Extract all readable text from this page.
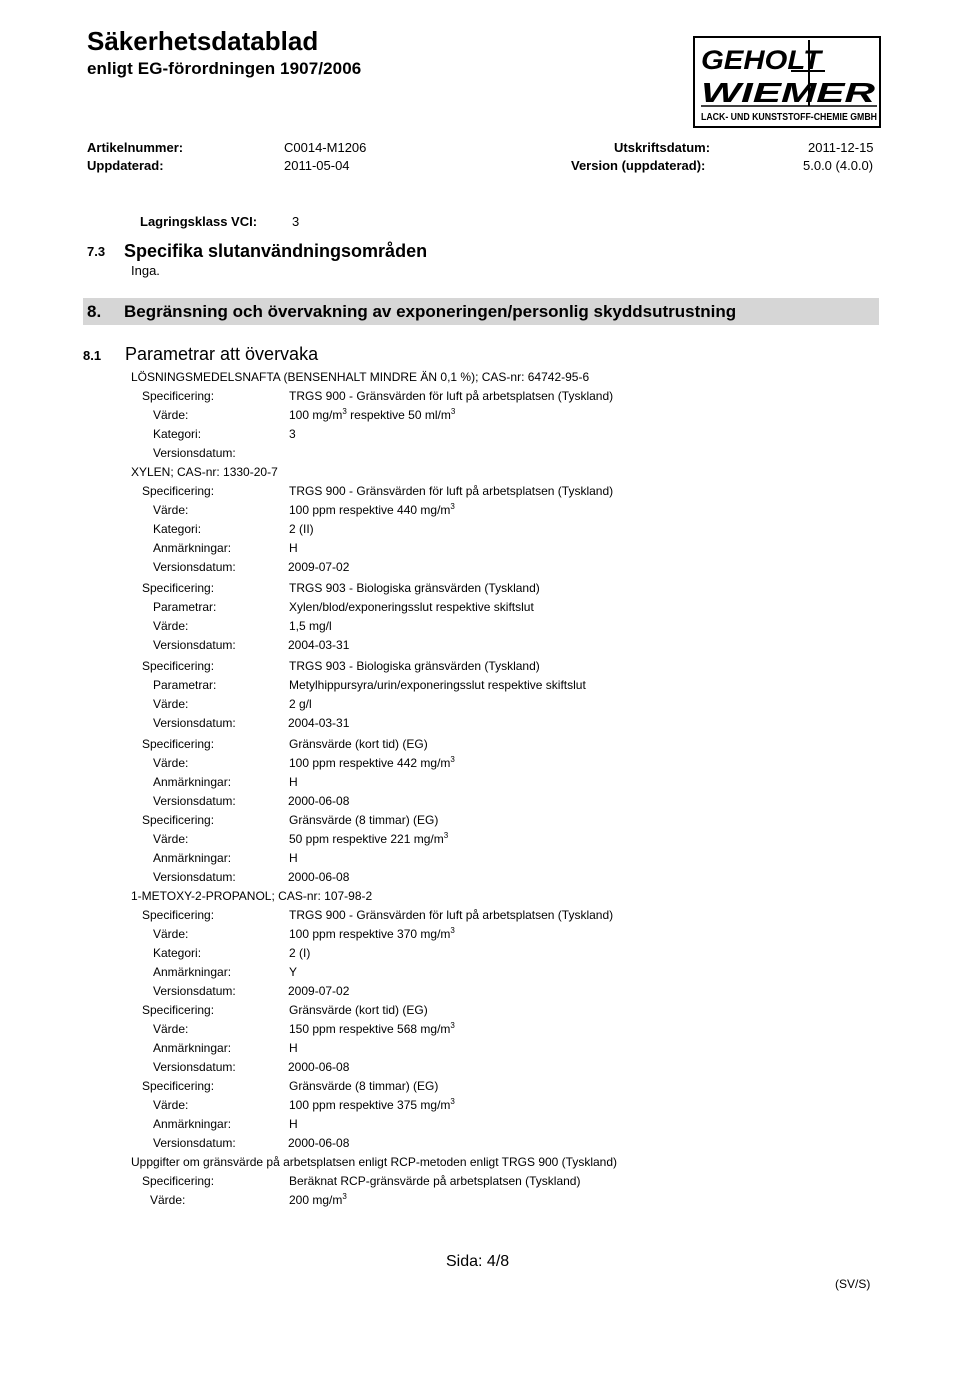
Säkerhetsdatablad
enligt EG-förordningen 1907/2006	GEHOLT
WIEMER
LACK- UND KUNSTSTOFF-CHEMIE GMBH
Artikelnummer:	C0014-M1206	Utskriftsdatum:	2011-12-15
Uppdaterad:	2011-05-04	Version (uppdaterad):	5.0.0 (4.0.0)
Lagringsklass VCI:	3
7.3 Specifika slutanvändningsområden
Inga.
8. Begränsning och övervakning av exponeringen/personlig skyddsutrustning
8.1 Parametrar att övervaka
LÖSNINGSMEDELSNAFTA (BENSENHALT MINDRE ÄN 0,1 %); CAS-nr: 64742-95-6
Specificering:	TRGS 900 - Gränsvärden för luft på arbetsplatsen (Tyskland)
Värde:	100 $mg/m^3$ respektive 50 $ml/m^3$
Kategori:	3
Versionsdatum:
XYLEN; CAS-nr: 1330-20-7
Specificering:	TRGS 900 - Gränsvärden för luft på arbetsplatsen (Tyskland)
Värde:	100 ppm respektive 440 $mg/m^3$
Kategori:	2 (II)
Anmärkningar:	H
Versionsdatum:	2009-07-02
Specificering:	TRGS 903 - Biologiska gränsvärden (Tyskland)
Parametrar:	Xylen/blod/exponeringsslut respektive skiftslut
Värde:	1,5 mg/l
Versionsdatum:	2004-03-31
Specificering:	TRGS 903 - Biologiska gränsvärden (Tyskland)
Parametrar:	Metylhippursyra/urin/exponeringsslut respektive skiftslut
Värde:	2 g/l
Versionsdatum:	2004-03-31
Specificering:	Gränsvärde (kort tid) (EG)
Värde:	100 ppm respektive 442 $mg/m^3$
Anmärkningar:	H
Versionsdatum:	2000-06-08
Specificering:	Gränsvärde (8 timmar) (EG)
Värde:	50 ppm respektive 221 $mg/m^3$
Anmärkningar:	H
Versionsdatum:	2000-06-08
1-METOXY-2-PROPANOL; CAS-nr: 107-98-2
Specificering:	TRGS 900 - Gränsvärden för luft på arbetsplatsen (Tyskland)
Värde:	100 ppm respektive 370 $mg/m^3$
Kategori:	2 (I)
Anmärkningar:	Y
Versionsdatum:	2009-07-02
Specificering:	Gränsvärde (kort tid) (EG)
Värde:	150 ppm respektive 568 $mg/m^3$
Anmärkningar:	H
Versionsdatum:	2000-06-08
Specificering:	Gränsvärde (8 timmar) (EG)
Värde:	100 ppm respektive 375 $mg/m^3$
Anmärkningar:	H
Versionsdatum:	2000-06-08
Uppgifter om gränsvärde på arbetsplatsen enligt RCP-metoden enligt TRGS 900 (Tyskland)
Specificering:	Beräknat RCP-gränsvärde på arbetsplatsen (Tyskland)
Värde:	200 $mg/m^3$
Sida: 4/8
(SV/S)
